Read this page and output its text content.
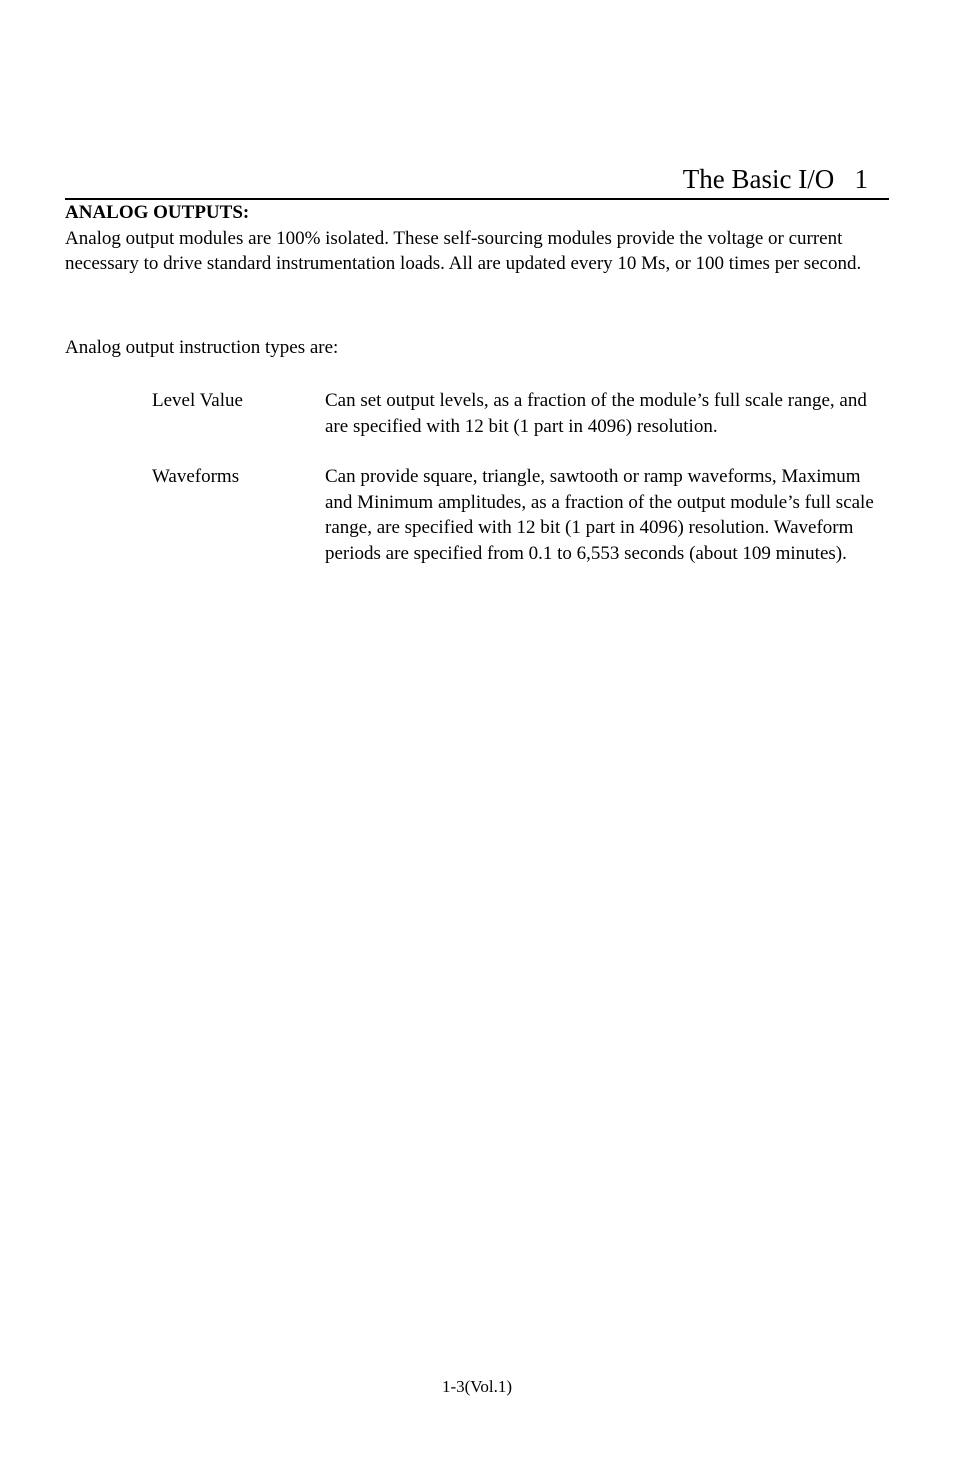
The Basic I/O   1
ANALOG OUTPUTS:

Analog output modules are 100% isolated. These self-sourcing modules provide the voltage or current necessary to drive standard instrumentation loads. All are updated every 10 Ms, or 100 times per second.

Analog output instruction types are:
Level Value	Can set output levels, as a fraction of the module’s full scale range, and are specified with 12 bit (1 part in 4096) resolution.

Waveforms	Can provide square, triangle, sawtooth or ramp waveforms, Maximum and Minimum amplitudes, as a fraction of the output module’s full scale range, are specified with 12 bit (1 part in 4096) resolution. Waveform periods are specified from 0.1 to 6,553 seconds (about 109 minutes).

1-3(Vol.1)
